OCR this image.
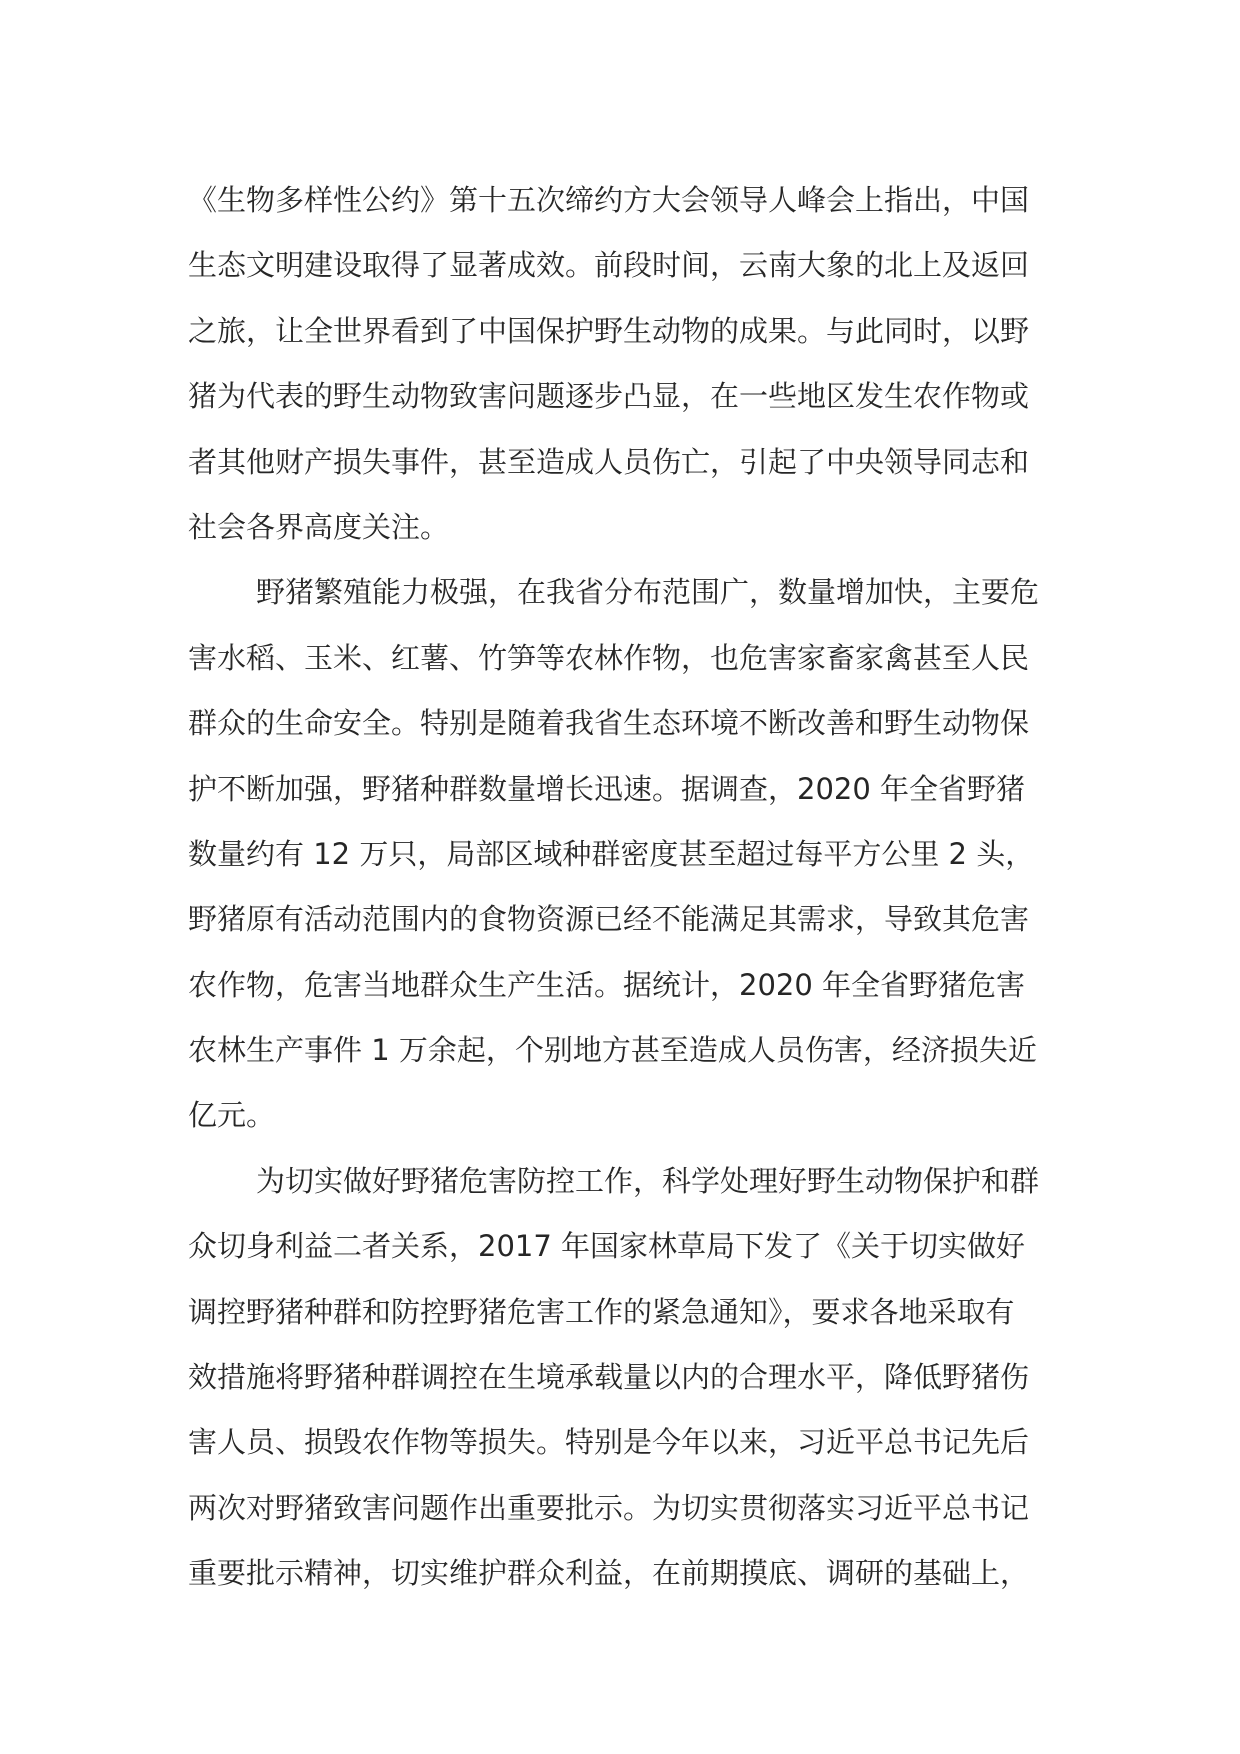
《生物多样性公约》第十五次缔约方大会领导人峰会上指出，中国
生态文明建设取得了显著成效。前段时间，云南大象的北上及返回
之旅，让全世界看到了中国保护野生动物的成果。与此同时，以野
猪为代表的野生动物致害问题逐步凸显，在一些地区发生农作物或
者其他财产损失事件，甚至造成人员伤亡，引起了中央领导同志和
社会各界高度关注。
野猪繁殖能力极强，在我省分布范围广，数量增加快，主要危
害水稻、玉米、红薯、竹笋等农林作物，也危害家畜家禽甚至人民
群众的生命安全。特别是随着我省生态环境不断改善和野生动物保
护不断加强，野猪种群数量增长迅速。据调查，2020 年全省野猪
数量约有 12 万只，局部区域种群密度甚至超过每平方公里 2 头，
野猪原有活动范围内的食物资源已经不能满足其需求，导致其危害
农作物，危害当地群众生产生活。据统计，2020 年全省野猪危害
农林生产事件 1 万余起，个别地方甚至造成人员伤害，经济损失近
亿元。
为切实做好野猪危害防控工作，科学处理好野生动物保护和群
众切身利益二者关系，2017 年国家林草局下发了《关于切实做好
调控野猪种群和防控野猪危害工作的紧急通知》，要求各地采取有
效措施将野猪种群调控在生境承载量以内的合理水平，降低野猪伤
害人员、损毁农作物等损失。特别是今年以来，习近平总书记先后
两次对野猪致害问题作出重要批示。为切实贯彻落实习近平总书记
重要批示精神，切实维护群众利益，在前期摸底、调研的基础上，
